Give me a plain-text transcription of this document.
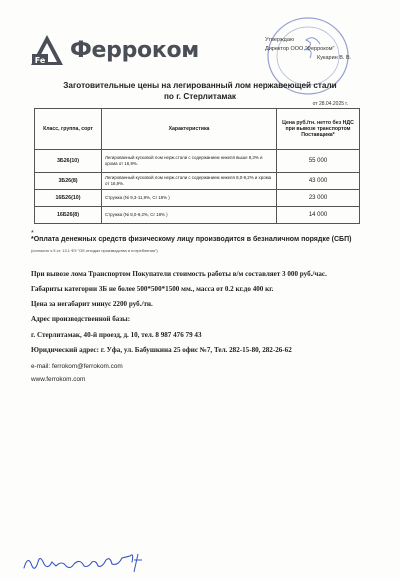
Fe Ферроком	Утверждаю
Директор ООО "Ферроком"
Кукарин В. В.
Заготовительные цены на легированный лом нержавеющей стали
по г. Стерлитамак
от 28.04.2025 г.
Класс, группа, сорт	Характеристика	Цена руб./тн. нетто без НДС при вывозе транспортом Поставщика*
3Б26(10)	Легированный кусковой лом нерж.стали с содержанием никеля выше 9,3% и хрома от 16,9%.	55 000
3Б26(8)	Легированный кусковой лом нерж.стали с содержанием никеля 8,0-9,2% и хрома от 16,9%.	43 000
16Б26(10)	Стружка (Ni 9,3-11,9%, Cr 18% )	23 000
16Б26(8)	Стружка (Ni 8,0-9,2%, Cr 18% )	14 000
*
*Оплата денежных средств физическому лицу производится в безналичном порядке (СБП)
(согласно ч.5 ст. 13.1 ФЗ "Об отходах производства и потребления")
При вывозе лома Транспортом Покупатели стоимость работы в/м составляет 3 000 руб./час.
Габариты категории 3Б не более 500*500*1500 мм., масса от 0.2 кг.до 400 кг.
Цена за негабарит минус 2200 руб./тн.
Адрес производственной базы:
г. Стерлитамак, 40-й проезд, д. 10, тел. 8 987 476 79 43
Юридический адрес: г. Уфа, ул. Бабушкина 25 офис №7, Тел. 282-15-80, 282-26-62
e-mail: ferrokom@ferrokom.com
www.ferrokom.com
